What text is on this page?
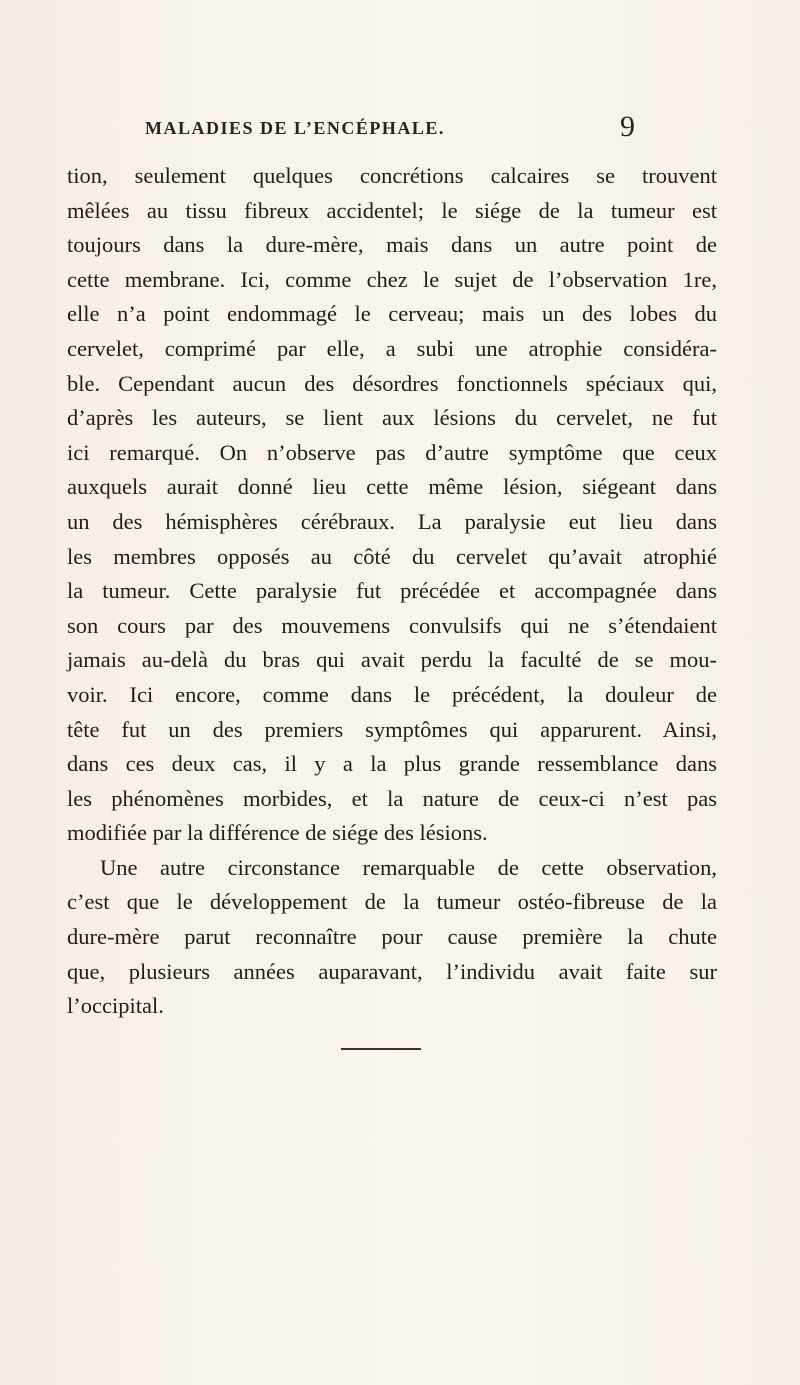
MALADIES DE L’ENCÉPHALE.	9
tion, seulement quelques concrétions calcaires se trouvent
mêlées au tissu fibreux accidentel; le siége de la tumeur est
toujours dans la dure-mère, mais dans un autre point de
cette membrane. Ici, comme chez le sujet de l’observation 1re,
elle n’a point endommagé le cerveau; mais un des lobes du
cervelet, comprimé par elle, a subi une atrophie considéra-
ble. Cependant aucun des désordres fonctionnels spéciaux qui,
d’après les auteurs, se lient aux lésions du cervelet, ne fut
ici remarqué. On n’observe pas d’autre symptôme que ceux
auxquels aurait donné lieu cette même lésion, siégeant dans
un des hémisphères cérébraux. La paralysie eut lieu dans
les membres opposés au côté du cervelet qu’avait atrophié
la tumeur. Cette paralysie fut précédée et accompagnée dans
son cours par des mouvemens convulsifs qui ne s’étendaient
jamais au-delà du bras qui avait perdu la faculté de se mou-
voir. Ici encore, comme dans le précédent, la douleur de
tête fut un des premiers symptômes qui apparurent. Ainsi,
dans ces deux cas, il y a la plus grande ressemblance dans
les phénomènes morbides, et la nature de ceux-ci n’est pas
modifiée par la différence de siége des lésions.
Une autre circonstance remarquable de cette observation,
c’est que le développement de la tumeur ostéo-fibreuse de la
dure-mère parut reconnaître pour cause première la chute
que, plusieurs années auparavant, l’individu avait faite sur
l’occipital.
